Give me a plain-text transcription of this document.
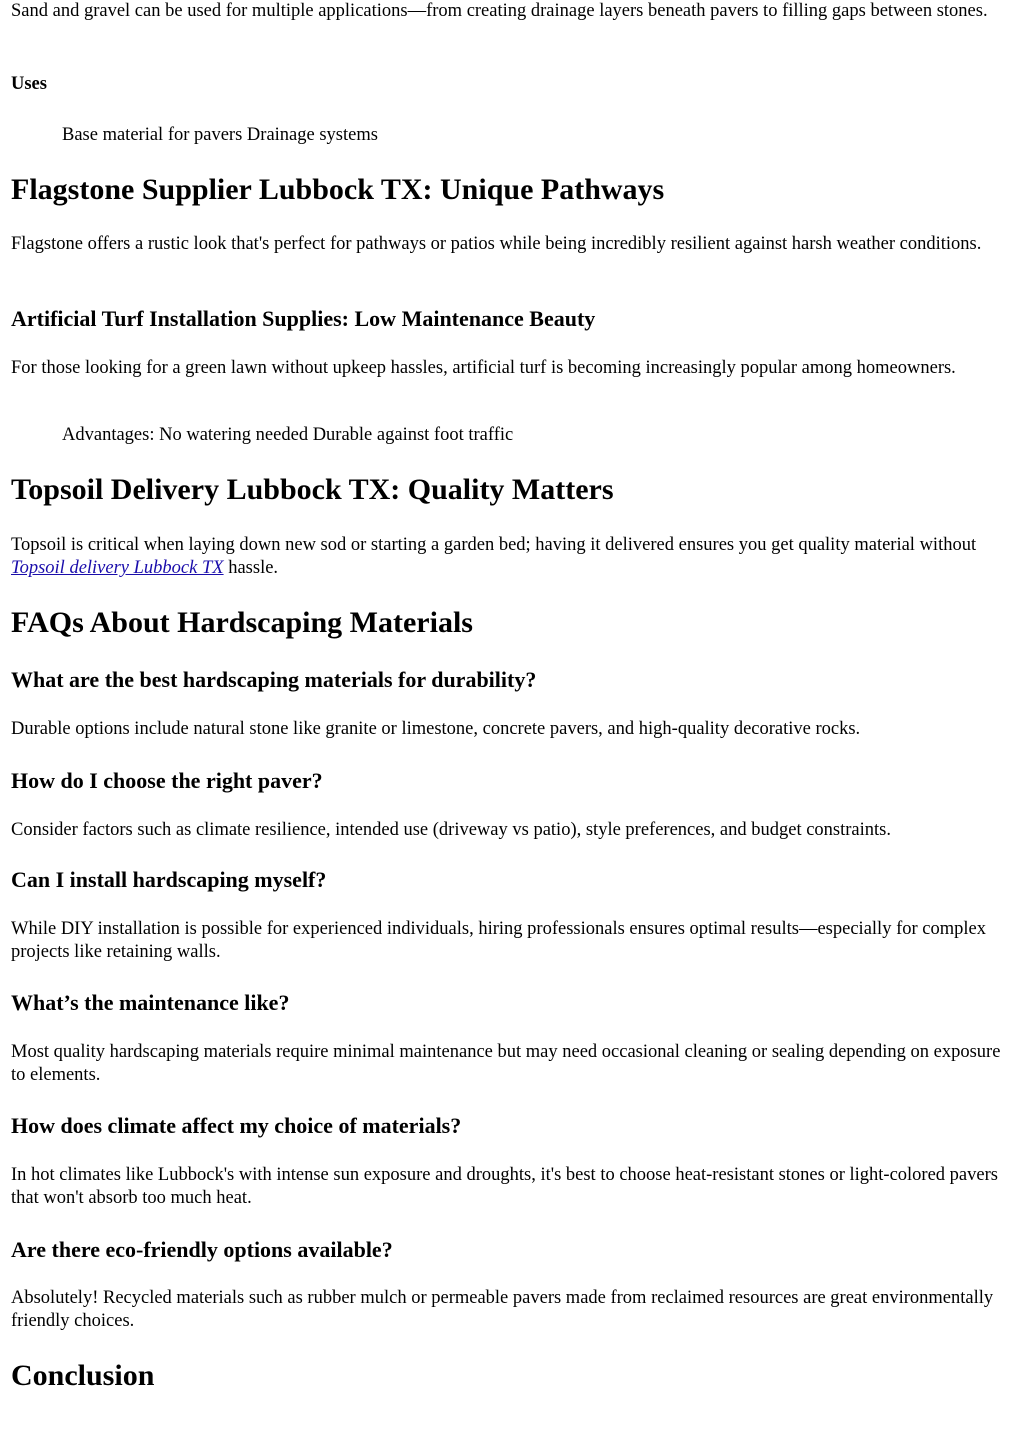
Sand and gravel can be used for multiple applications—from creating drainage layers beneath pavers to filling gaps between stones.

Uses

Base material for pavers Drainage systems

Flagstone Supplier Lubbock TX: Unique Pathways

Flagstone offers a rustic look that's perfect for pathways or patios while being incredibly resilient against harsh weather conditions.

Artificial Turf Installation Supplies: Low Maintenance Beauty

For those looking for a green lawn without upkeep hassles, artificial turf is becoming increasingly popular among homeowners.

Advantages: No watering needed Durable against foot traffic

Topsoil Delivery Lubbock TX: Quality Matters

Topsoil is critical when laying down new sod or starting a garden bed; having it delivered ensures you get quality material without Topsoil delivery Lubbock TX hassle.

FAQs About Hardscaping Materials
What are the best hardscaping materials for durability?

Durable options include natural stone like granite or limestone, concrete pavers, and high-quality decorative rocks.

How do I choose the right paver?

Consider factors such as climate resilience, intended use (driveway vs patio), style preferences, and budget constraints.

Can I install hardscaping myself?

While DIY installation is possible for experienced individuals, hiring professionals ensures optimal results—especially for complex projects like retaining walls.

What’s the maintenance like?

Most quality hardscaping materials require minimal maintenance but may need occasional cleaning or sealing depending on exposure to elements.

How does climate affect my choice of materials?

In hot climates like Lubbock's with intense sun exposure and droughts, it's best to choose heat-resistant stones or light-colored pavers that won't absorb too much heat.

Are there eco-friendly options available?

Absolutely! Recycled materials such as rubber mulch or permeable pavers made from reclaimed resources are great environmentally friendly choices.

Conclusion
